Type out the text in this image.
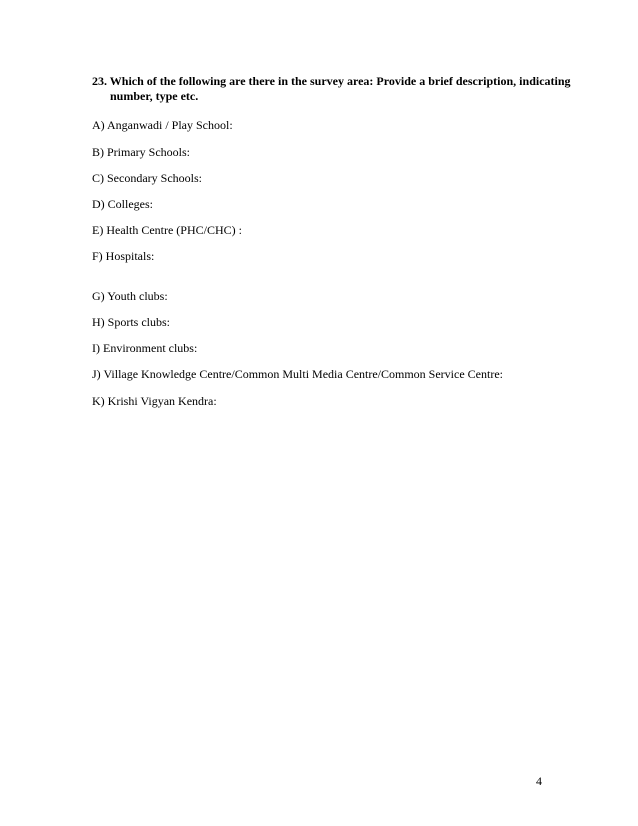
23. Which of the following are there in the survey area: Provide a brief description, indicating
number, type etc.
A) Anganwadi / Play School:
B) Primary Schools:
C) Secondary Schools:
D) Colleges:
E) Health Centre (PHC/CHC) :
F) Hospitals:
G) Youth clubs:
H) Sports clubs:
I) Environment clubs:
J) Village Knowledge Centre/Common Multi Media Centre/Common Service Centre:
K) Krishi Vigyan Kendra:
4
